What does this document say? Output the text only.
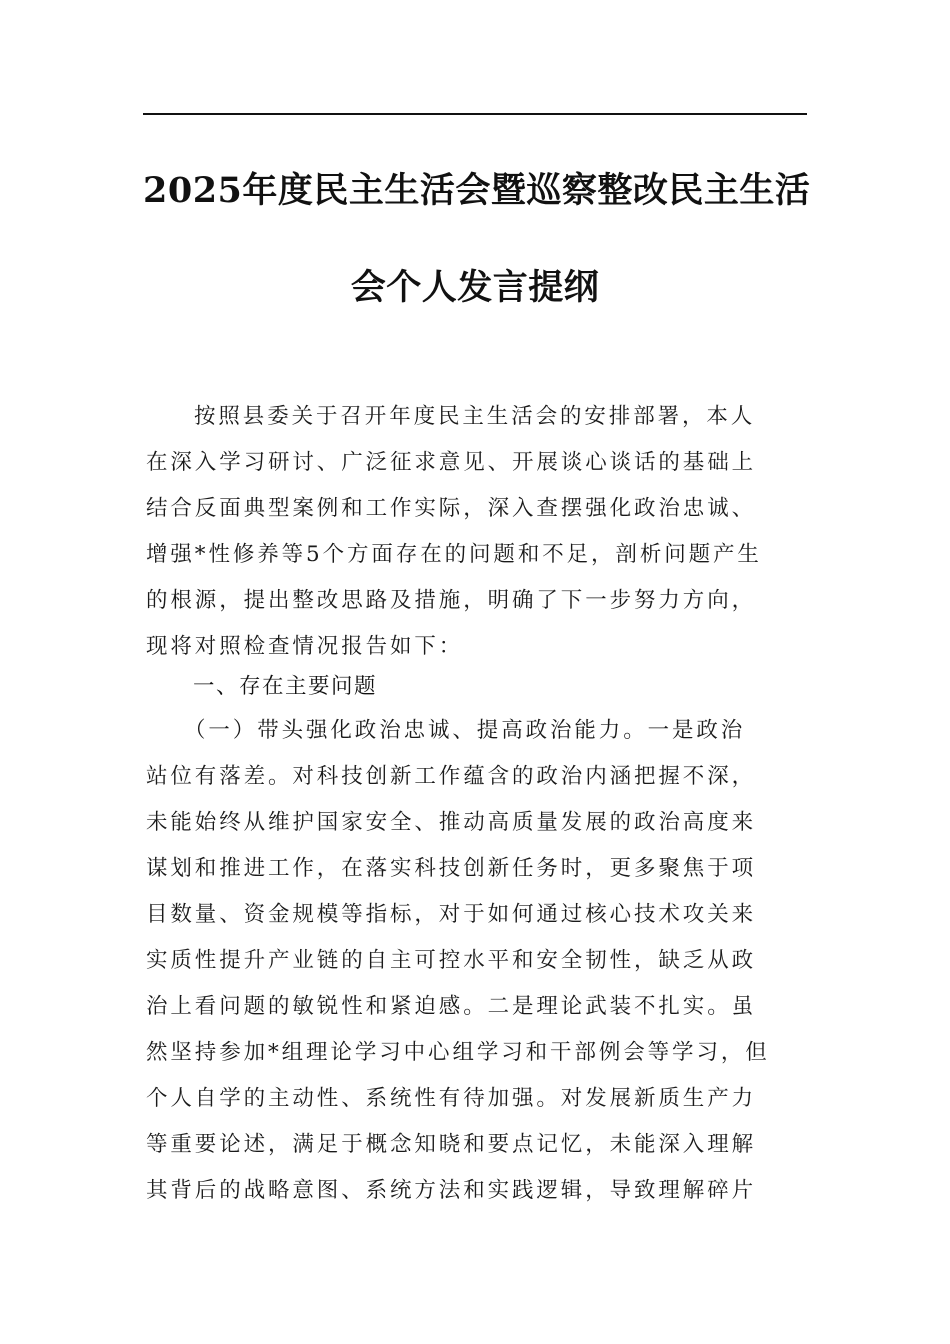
2025年度民主生活会暨巡察整改民主生活
会个人发言提纲
按照县委关于召开年度民主生活会的安排部署，本人
在深入学习研讨、广泛征求意见、开展谈心谈话的基础上
结合反面典型案例和工作实际，深入查摆强化政治忠诚、
增强*性修养等5个方面存在的问题和不足，剖析问题产生
的根源，提出整改思路及措施，明确了下一步努力方向，
现将对照检查情况报告如下：
一、存在主要问题
（一）带头强化政治忠诚、提高政治能力。一是政治
站位有落差。对科技创新工作蕴含的政治内涵把握不深，
未能始终从维护国家安全、推动高质量发展的政治高度来
谋划和推进工作，在落实科技创新任务时，更多聚焦于项
目数量、资金规模等指标，对于如何通过核心技术攻关来
实质性提升产业链的自主可控水平和安全韧性，缺乏从政
治上看问题的敏锐性和紧迫感。二是理论武装不扎实。虽
然坚持参加*组理论学习中心组学习和干部例会等学习，但
个人自学的主动性、系统性有待加强。对发展新质生产力
等重要论述，满足于概念知晓和要点记忆，未能深入理解
其背后的战略意图、系统方法和实践逻辑，导致理解碎片
